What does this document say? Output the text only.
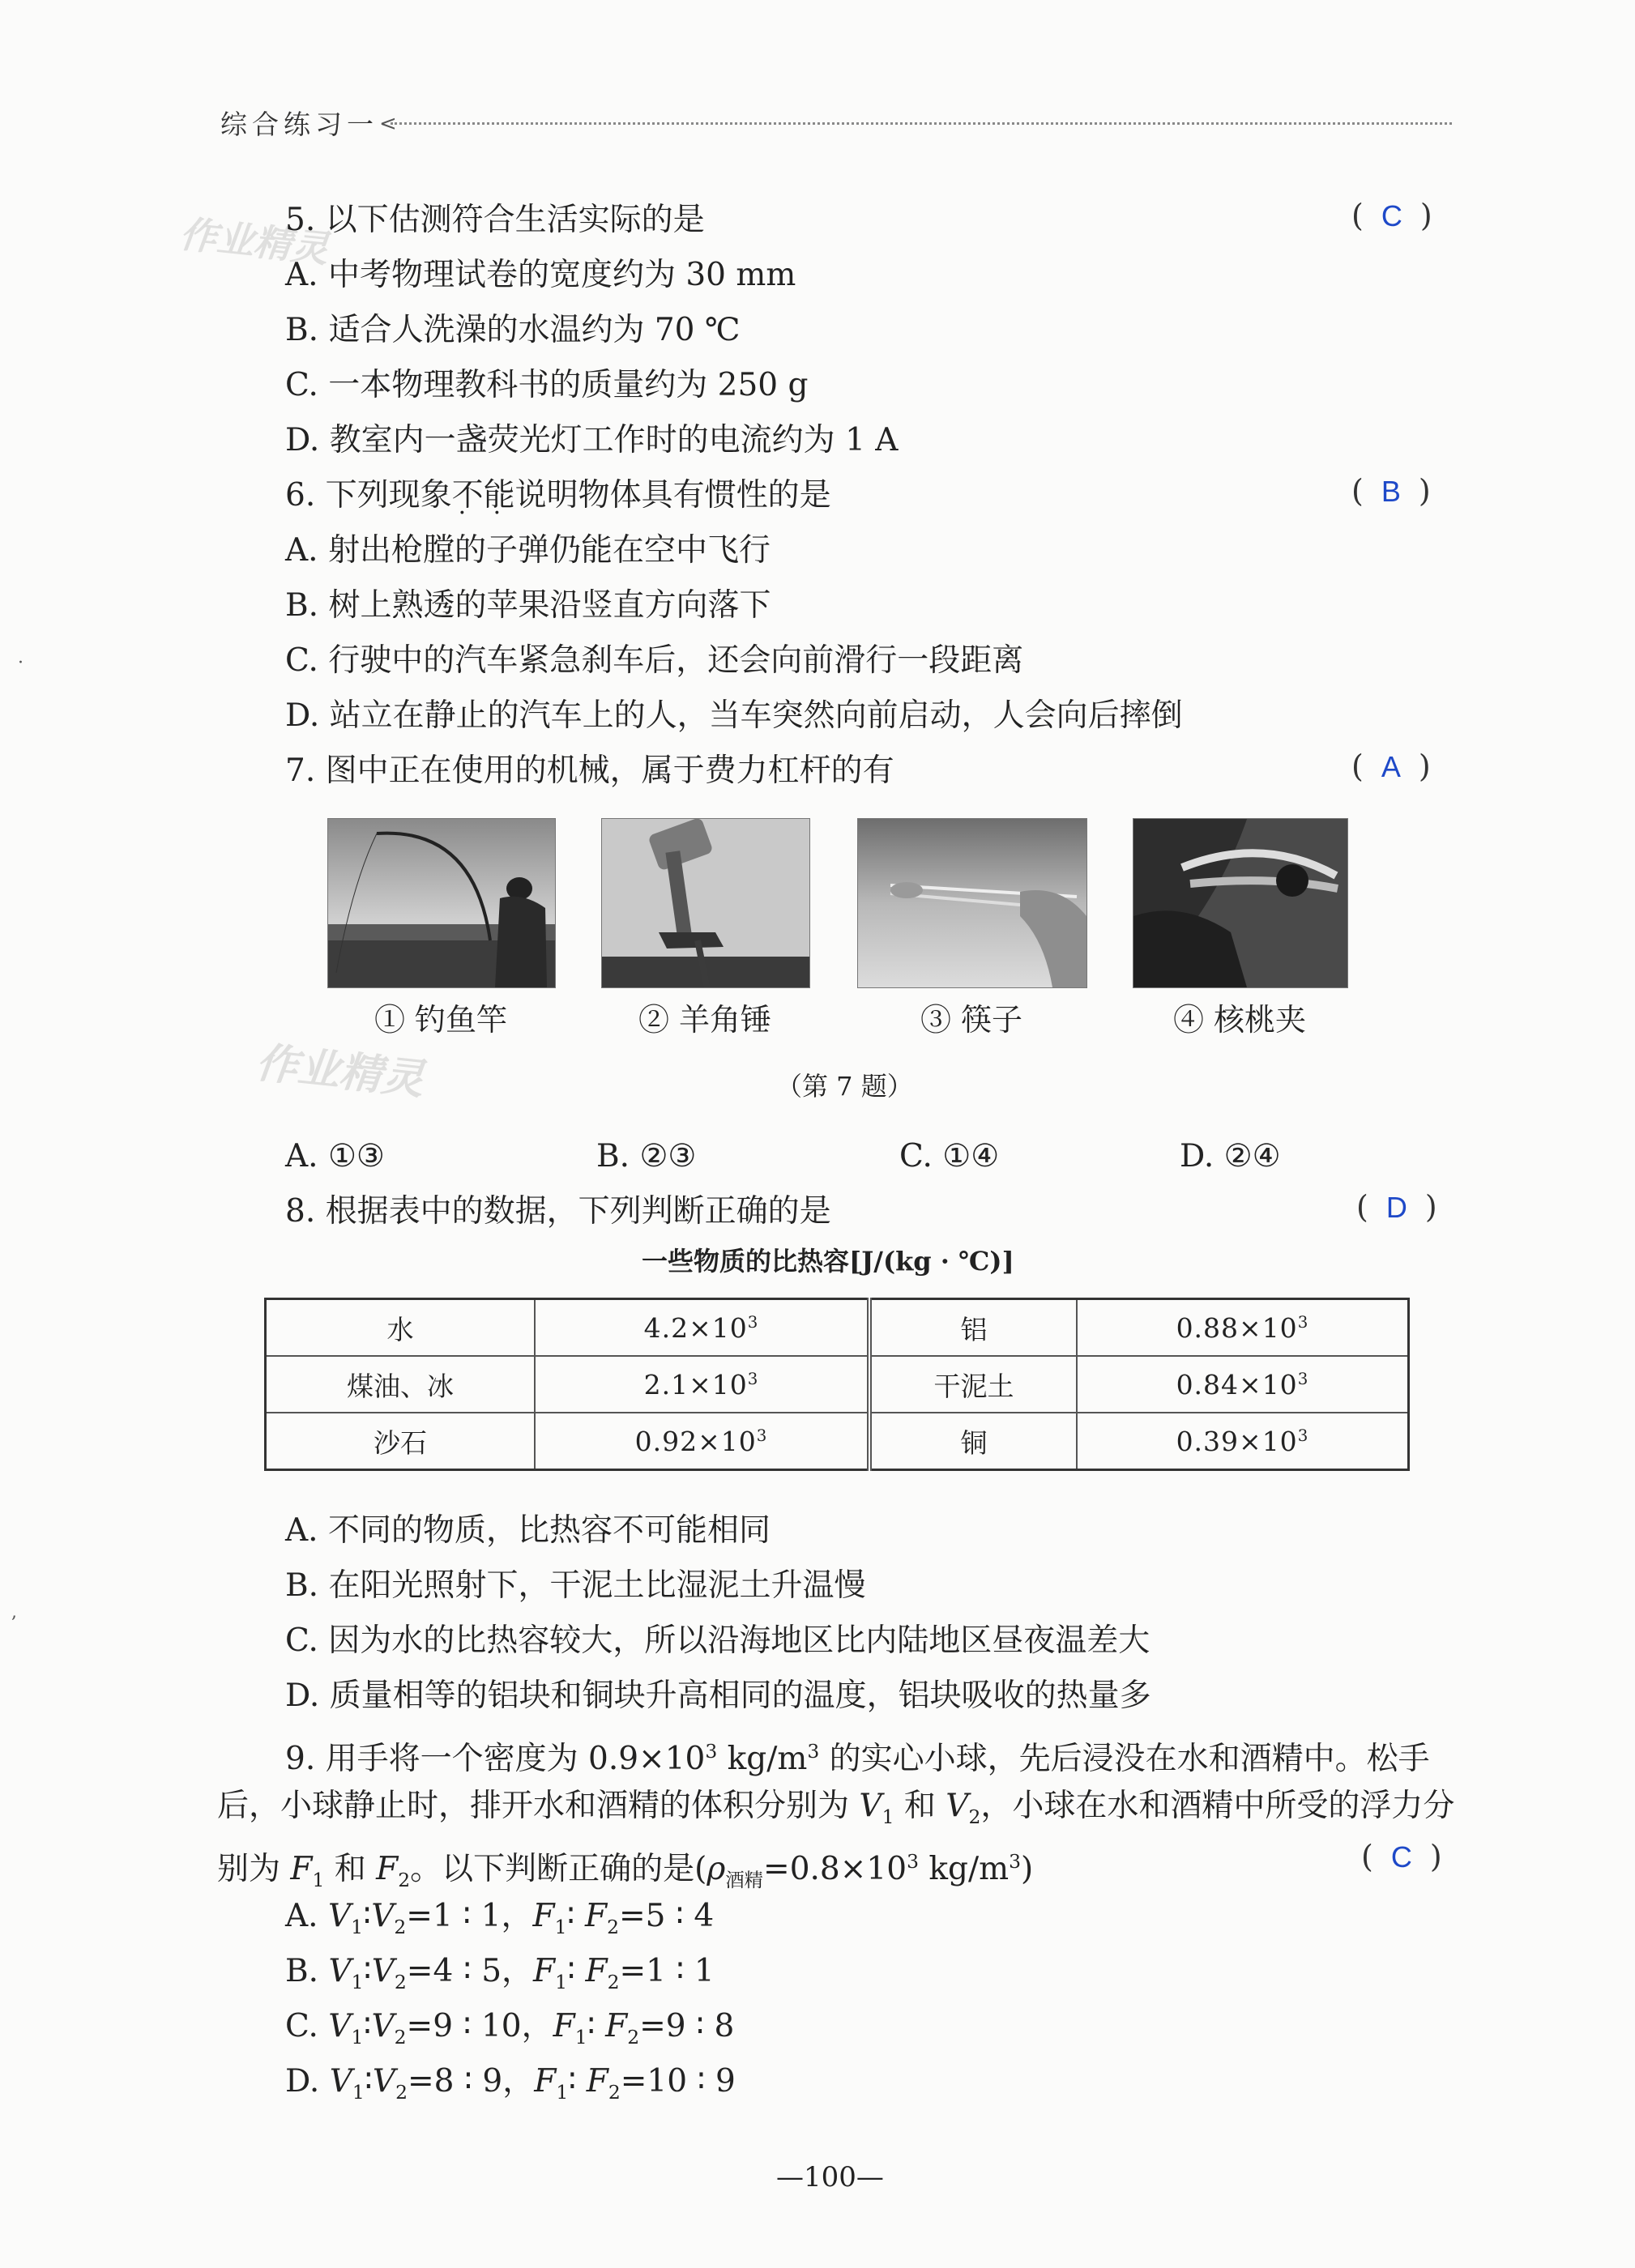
综合练习一 <
作业精灵
作业精灵
5. 以下估测符合生活实际的是	( C )
A. 中考物理试卷的宽度约为 30 mm
B. 适合人洗澡的水温约为 70 ℃
C. 一本物理教科书的质量约为 250 g
D. 教室内一盏荧光灯工作时的电流约为 1 A
6. 下列现象不能 · ·说明物体具有惯性的是	( B )
A. 射出枪膛的子弹仍能在空中飞行
B. 树上熟透的苹果沿竖直方向落下
C. 行驶中的汽车紧急刹车后，还会向前滑行一段距离
D. 站立在静止的汽车上的人，当车突然向前启动，人会向后摔倒
7. 图中正在使用的机械，属于费力杠杆的有	( A )
① 钓鱼竿	② 羊角锤	③ 筷子	④ 核桃夹
（第 7 题）
A. ①③	B. ②③	C. ①④	D. ②④
8. 根据表中的数据，下列判断正确的是	( D )
一些物质的比热容[J/(kg · ℃)]
水	$4.2\times 10^3$	铝	$0.88\times 10^3$
煤油、冰	$2.1\times 10^3$	干泥土	$0.84\times 10^3$
沙石	$0.92\times 10^3$	铜	$0.39\times 10^3$
A. 不同的物质，比热容不可能相同
B. 在阳光照射下，干泥土比湿泥土升温慢
C. 因为水的比热容较大，所以沿海地区比内陆地区昼夜温差大
D. 质量相等的铝块和铜块升高相同的温度，铝块吸收的热量多
9. 用手将一个密度为 $0.9\times 10^3$ $kg/m^3$ 的实心小球，先后浸没在水和酒精中。松手
后，小球静止时，排开水和酒精的体积分别为 $V_1$ 和 $V_2$，小球在水和酒精中所受的浮力分
别为 $F_1$ 和 $F_2$。以下判断正确的是($\rho_{酒精}=0.8\times 10^3$ $kg/m^3$)	( C )
A. $V_1∶V_2=1$ ∶ 1，$F_1∶$ $F_2=5$ ∶ 4
B. $V_1∶V_2=4$ ∶ 5，$F_1∶$ $F_2=1$ ∶ 1
C. $V_1∶V_2=9$ ∶ 10，$F_1∶$ $F_2=9$ ∶ 8
D. $V_1∶V_2=8$ ∶ 9，$F_1∶$ $F_2=10$ ∶ 9
—100—
·
,
